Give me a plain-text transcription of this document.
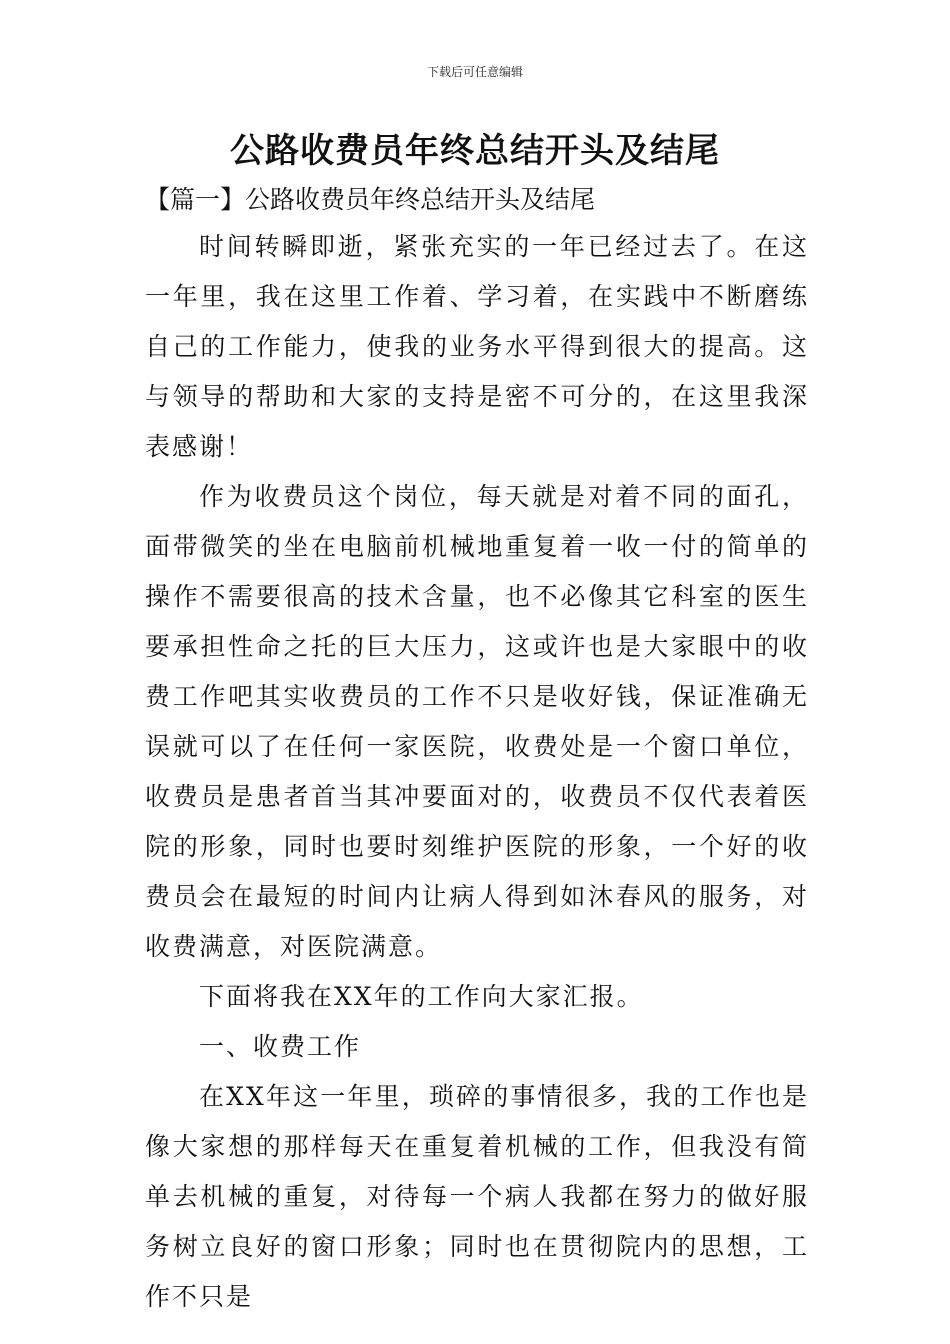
下载后可任意编辑
公路收费员年终总结开头及结尾
【篇一】公路收费员年终总结开头及结尾

时间转瞬即逝，紧张充实的一年已经过去了。在这一年里，我在这里工作着、学习着，在实践中不断磨练自己的工作能力，使我的业务水平得到很大的提高。这与领导的帮助和大家的支持是密不可分的，在这里我深表感谢！

作为收费员这个岗位，每天就是对着不同的面孔，面带微笑的坐在电脑前机械地重复着一收一付的简单的操作不需要很高的技术含量，也不必像其它科室的医生要承担性命之托的巨大压力，这或许也是大家眼中的收费工作吧其实收费员的工作不只是收好钱，保证准确无误就可以了在任何一家医院，收费处是一个窗口单位，收费员是患者首当其冲要面对的，收费员不仅代表着医院的形象，同时也要时刻维护医院的形象，一个好的收费员会在最短的时间内让病人得到如沐春风的服务，对收费满意，对医院满意。

下面将我在XX年的工作向大家汇报。

一、收费工作

在XX年这一年里，琐碎的事情很多，我的工作也是像大家想的那样每天在重复着机械的工作，但我没有简单去机械的重复，对待每一个病人我都在努力的做好服务树立良好的窗口形象；同时也在贯彻院内的思想，工作不只是
